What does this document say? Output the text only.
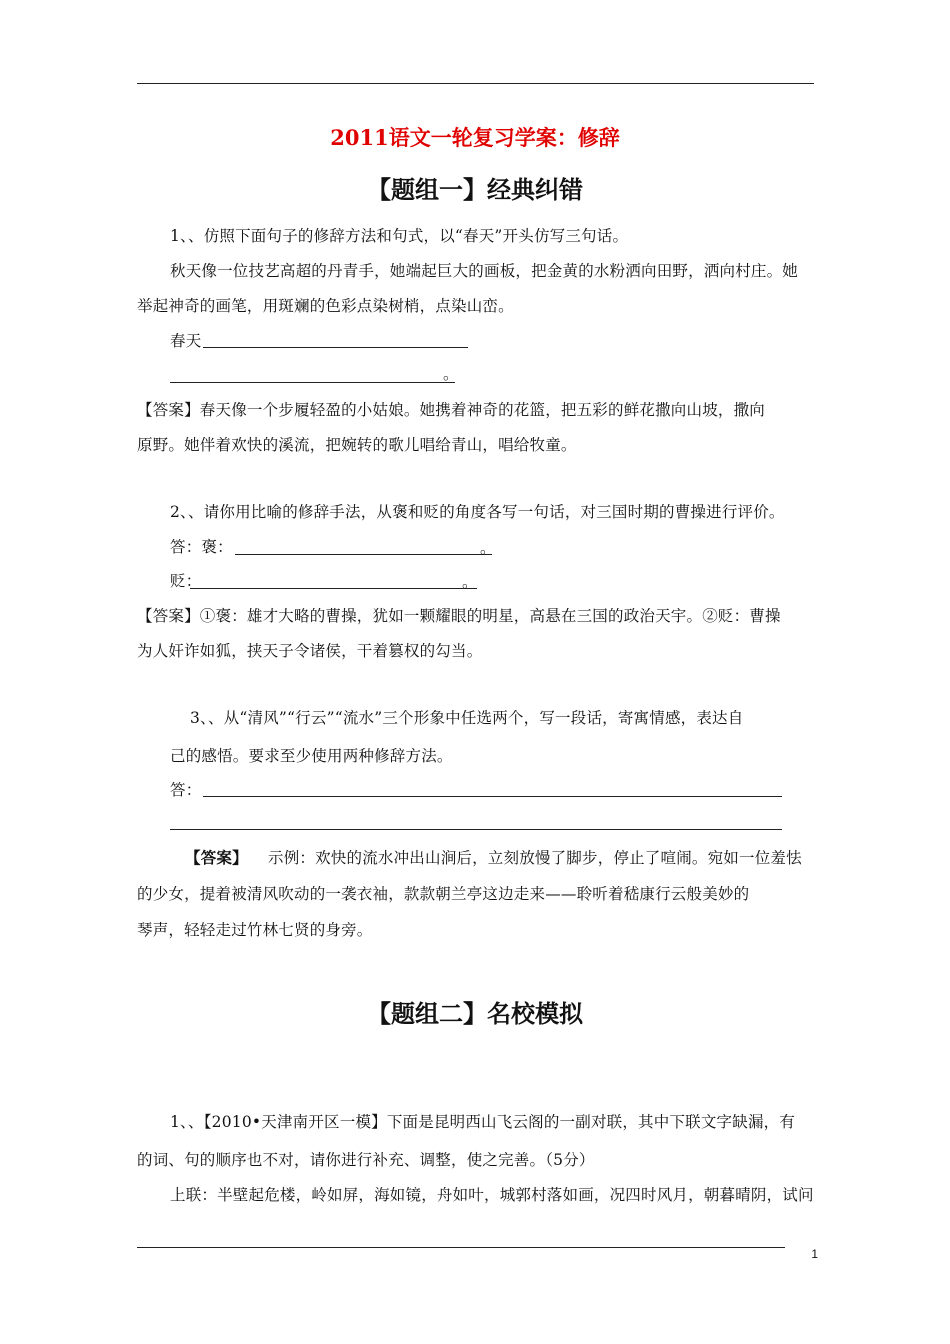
2011语文一轮复习学案：修辞
【题组一】经典纠错
1、、仿照下面句子的修辞方法和句式，以“春天”开头仿写三句话。
秋天像一位技艺高超的丹青手，她端起巨大的画板，把金黄的水粉洒向田野，洒向村庄。她
举起神奇的画笔，用斑斓的色彩点染树梢，点染山峦。
春天
。
【答案】春天像一个步履轻盈的小姑娘。她携着神奇的花篮，把五彩的鲜花撒向山坡，撒向
原野。她伴着欢快的溪流，把婉转的歌儿唱给青山，唱给牧童。
2、、请你用比喻的修辞手法，从褒和贬的角度各写一句话，对三国时期的曹操进行评价。
答：褒：	。
贬：	。
【答案】①褒：雄才大略的曹操，犹如一颗耀眼的明星，高悬在三国的政治天宇。②贬：曹操
为人奸诈如狐，挟天子令诸侯，干着篡权的勾当。
3、、从“清风”“行云”“流水”三个形象中任选两个，写一段话，寄寓情感，表达自
己的感悟。要求至少使用两种修辞方法。
答：
【答案】 示例：欢快的流水冲出山涧后，立刻放慢了脚步，停止了喧闹。宛如一位羞怯
的少女，提着被清风吹动的一袭衣袖，款款朝兰亭这边走来——聆听着嵇康行云般美妙的
琴声，轻轻走过竹林七贤的身旁。
【题组二】名校模拟
1、、【2010•天津南开区一模】下面是昆明西山飞云阁的一副对联，其中下联文字缺漏，有
的词、句的顺序也不对，请你进行补充、调整，使之完善。（5分）
上联：半壁起危楼，岭如屏，海如镜，舟如叶，城郭村落如画，况四时风月，朝暮晴阴，试问
1
